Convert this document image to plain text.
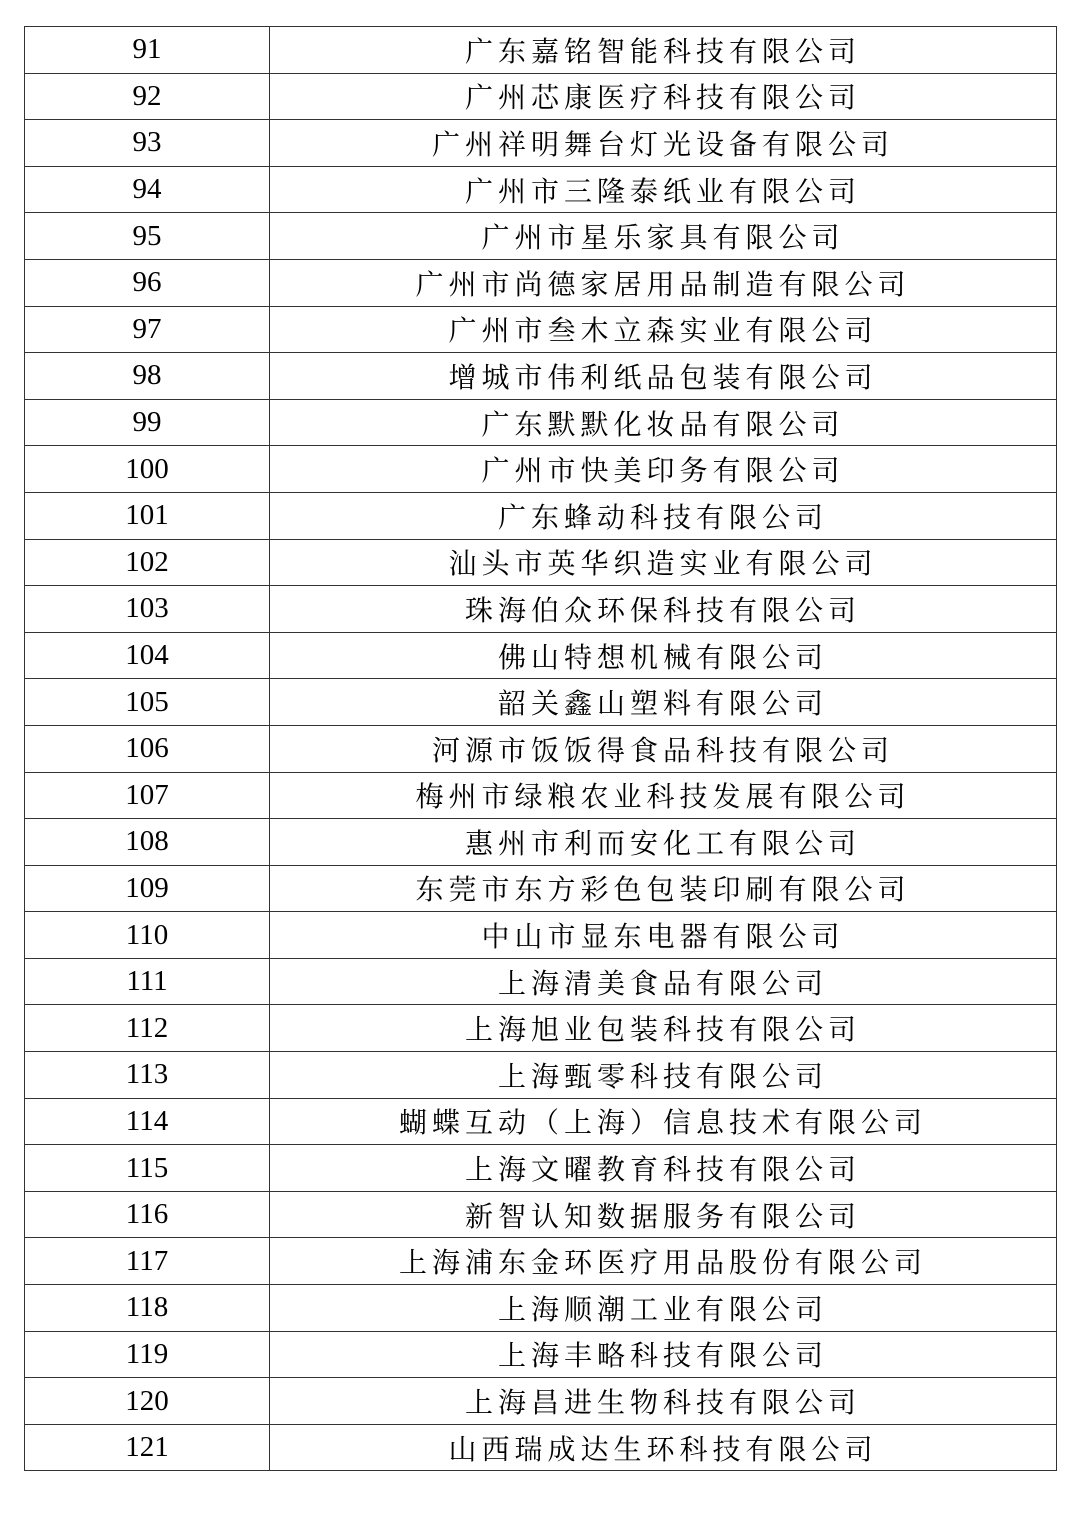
91	广东嘉铭智能科技有限公司
92	广州芯康医疗科技有限公司
93	广州祥明舞台灯光设备有限公司
94	广州市三隆泰纸业有限公司
95	广州市星乐家具有限公司
96	广州市尚德家居用品制造有限公司
97	广州市叁木立森实业有限公司
98	增城市伟利纸品包装有限公司
99	广东默默化妆品有限公司
100	广州市快美印务有限公司
101	广东蜂动科技有限公司
102	汕头市英华织造实业有限公司
103	珠海伯众环保科技有限公司
104	佛山特想机械有限公司
105	韶关鑫山塑料有限公司
106	河源市饭饭得食品科技有限公司
107	梅州市绿粮农业科技发展有限公司
108	惠州市利而安化工有限公司
109	东莞市东方彩色包装印刷有限公司
110	中山市显东电器有限公司
111	上海清美食品有限公司
112	上海旭业包装科技有限公司
113	上海甄零科技有限公司
114	蝴蝶互动（上海）信息技术有限公司
115	上海文曜教育科技有限公司
116	新智认知数据服务有限公司
117	上海浦东金环医疗用品股份有限公司
118	上海顺潮工业有限公司
119	上海丰略科技有限公司
120	上海昌进生物科技有限公司
121	山西瑞成达生环科技有限公司
